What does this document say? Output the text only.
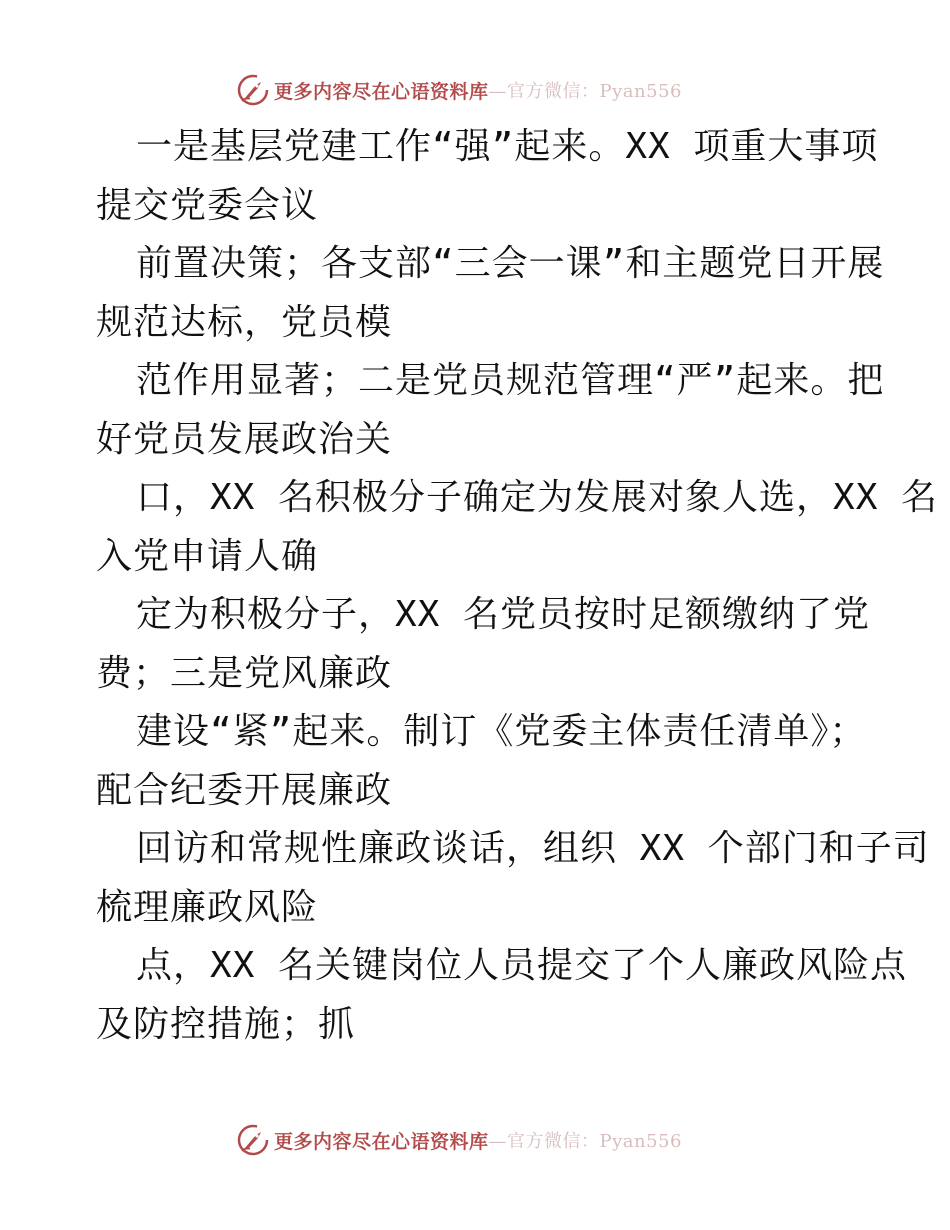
更多内容尽在心语资料库 —官方微信：Pyan556
一是基层党建工作“强”起来。XX 项重大事项
提交党委会议
前置决策；各支部“三会一课”和主题党日开展
规范达标，党员模
范作用显著；二是党员规范管理“严”起来。把
好党员发展政治关
口，XX 名积极分子确定为发展对象人选，XX 名
入党申请人确
定为积极分子，XX 名党员按时足额缴纳了党
费；三是党风廉政
建设“紧”起来。制订《党委主体责任清单》；
配合纪委开展廉政
回访和常规性廉政谈话，组织 XX 个部门和子司
梳理廉政风险
点，XX 名关键岗位人员提交了个人廉政风险点
及防控措施；抓
更多内容尽在心语资料库 —官方微信：Pyan556
